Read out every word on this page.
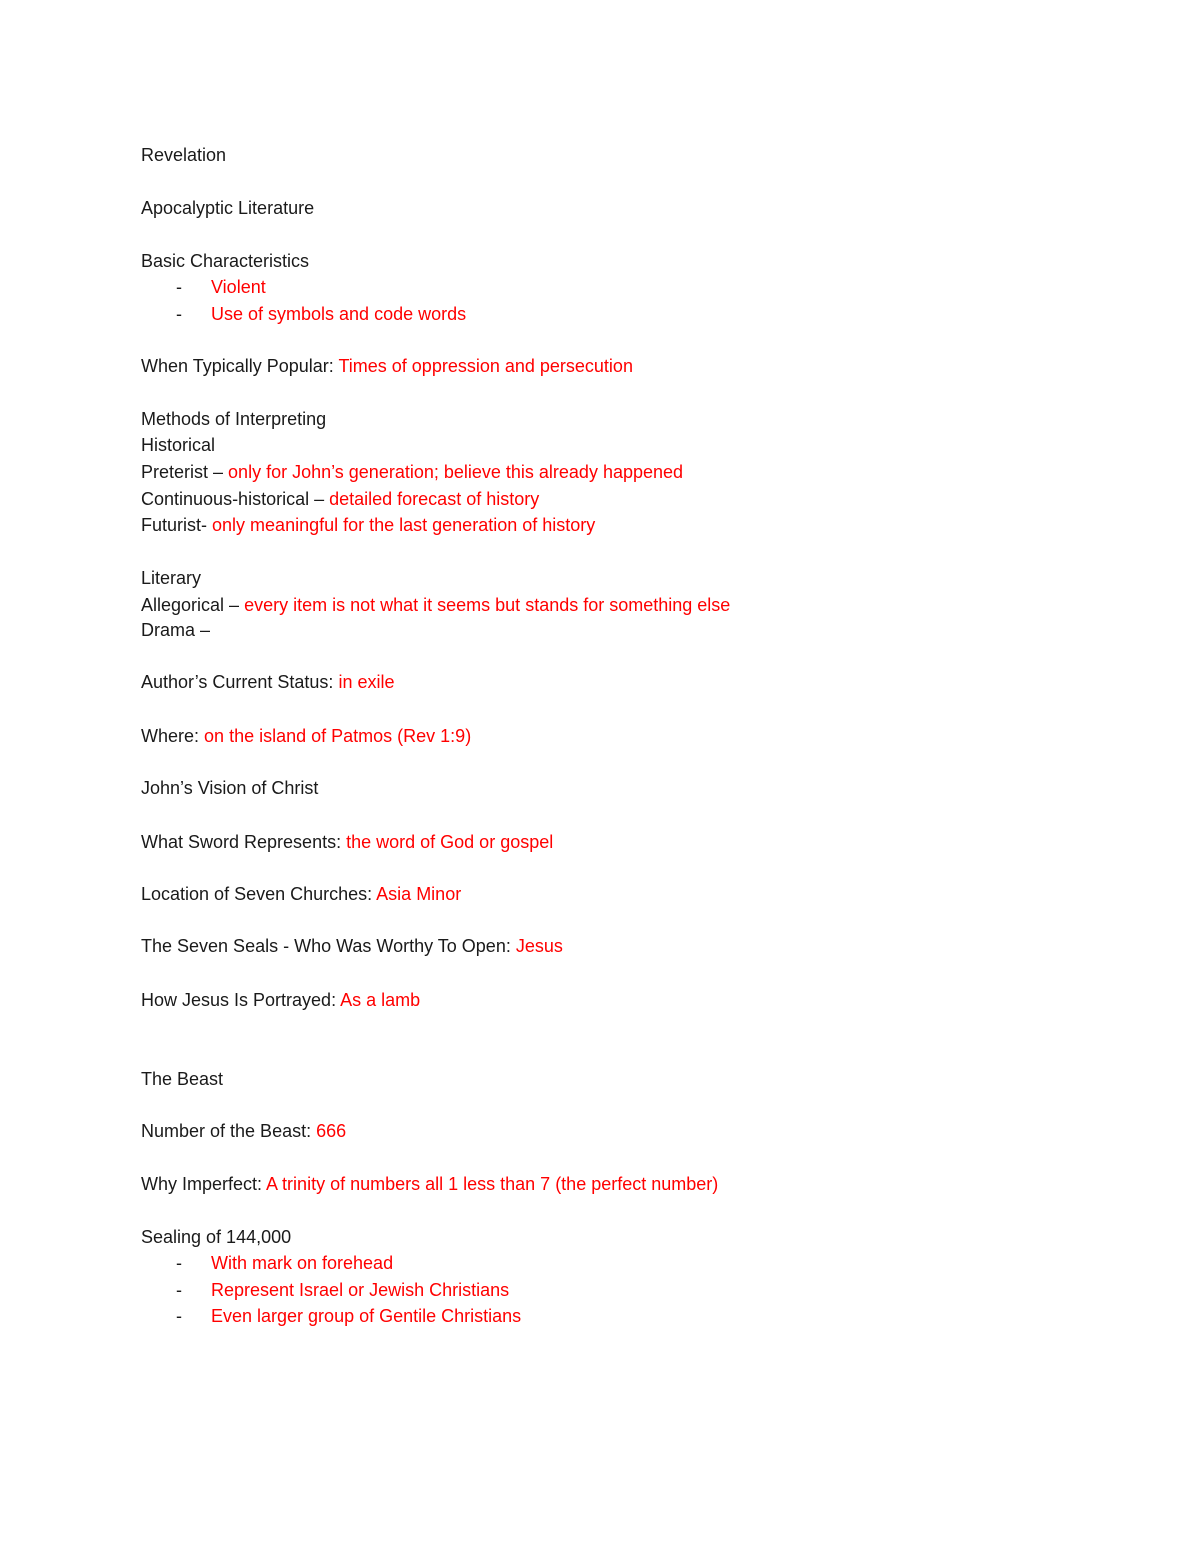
Revelation
Apocalyptic Literature
Basic Characteristics
-	Violent
-	Use of symbols and code words
When Typically Popular: Times of oppression and persecution
Methods of Interpreting
Historical
Preterist – only for John’s generation; believe this already happened
Continuous-historical – detailed forecast of history
Futurist- only meaningful for the last generation of history
Literary
Allegorical – every item is not what it seems but stands for something else
Drama –
Author’s Current Status: in exile
Where: on the island of Patmos (Rev 1:9)
John’s Vision of Christ
What Sword Represents: the word of God or gospel
Location of Seven Churches: Asia Minor
The Seven Seals - Who Was Worthy To Open: Jesus
How Jesus Is Portrayed: As a lamb
The Beast
Number of the Beast: 666
Why Imperfect: A trinity of numbers all 1 less than 7 (the perfect number)
Sealing of 144,000
-	With mark on forehead
-	Represent Israel or Jewish Christians
-	Even larger group of Gentile Christians
